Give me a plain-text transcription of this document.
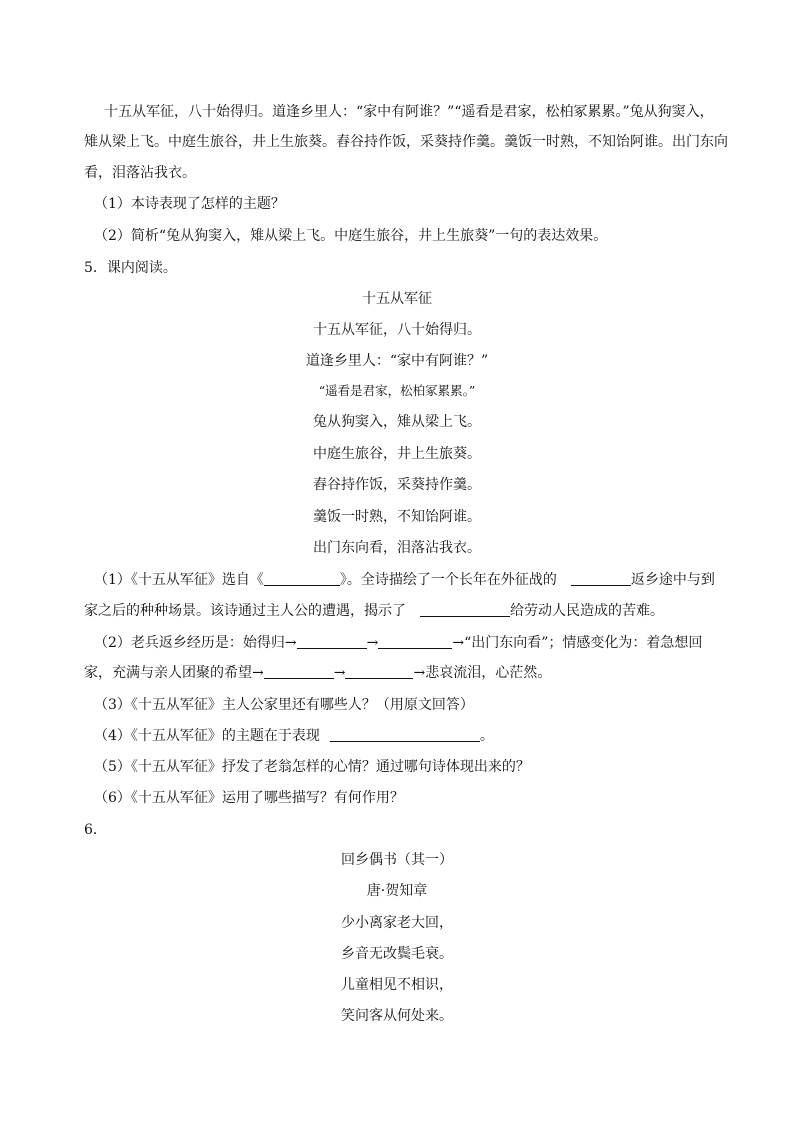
十五从军征，八十始得归。道逢乡里人：“家中有阿谁？”“遥看是君家，松柏冢累累。”兔从狗窦入，
雉从梁上飞。中庭生旅谷，井上生旅葵。舂谷持作饭，采葵持作羹。羹饭一时熟，不知饴阿谁。出门东向
看，泪落沾我衣。
（1）本诗表现了怎样的主题？
（2）简析“兔从狗窦入，雉从梁上飞。中庭生旅谷，井上生旅葵”一句的表达效果。
5．课内阅读。
十五从军征
十五从军征，八十始得归。
道逢乡里人：“家中有阿谁？”
“遥看是君家，松柏冢累累。”
兔从狗窦入，雉从梁上飞。
中庭生旅谷，井上生旅葵。
舂谷持作饭，采葵持作羹。
羹饭一时熟，不知饴阿谁。
出门东向看，泪落沾我衣。
（1）《十五从军征》选自《	》。全诗描绘了一个长年在外征战的	返乡途中与到
家之后的种种场景。该诗通过主人公的遭遇，揭示了	给劳动人民造成的苦难。
（2）老兵返乡经历是：始得归→	→	→“出门东向看”；情感变化为：着急想回
家，充满与亲人团聚的希望→	→	→悲哀流泪，心茫然。
（3）《十五从军征》主人公家里还有哪些人？（用原文回答）
（4）《十五从军征》的主题在于表现	。
（5）《十五从军征》抒发了老翁怎样的心情？通过哪句诗体现出来的？
（6）《十五从军征》运用了哪些描写？有何作用？
6．
回乡偶书（其一）
唐·贺知章
少小离家老大回，
乡音无改鬓毛衰。
儿童相见不相识，
笑问客从何处来。
